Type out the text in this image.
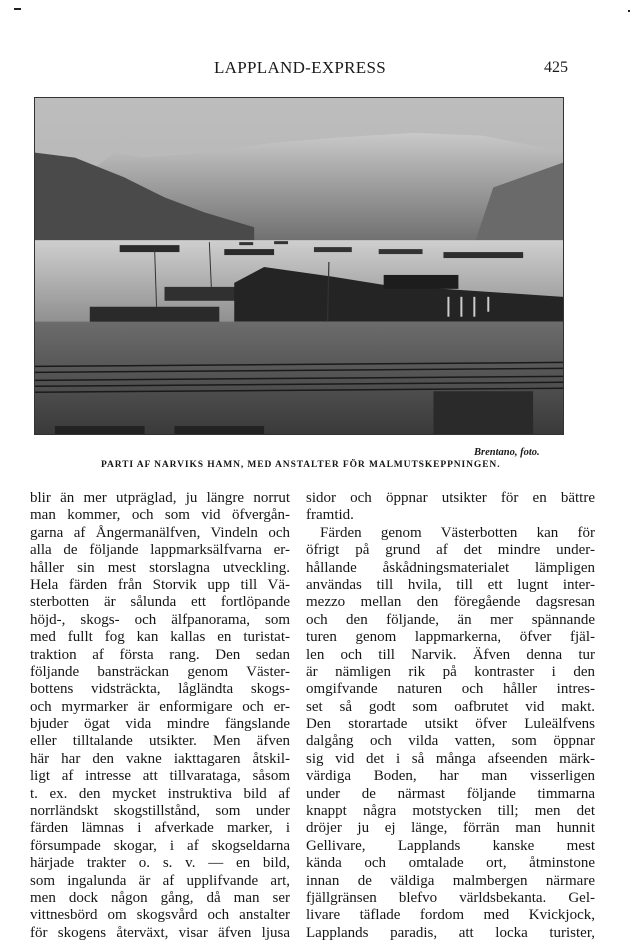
LAPPLAND-EXPRESS	425
Brentano, foto.
PARTI AF NARVIKS HAMN, MED ANSTALTER FÖR MALMUTSKEPPNINGEN.
blir än mer utpräglad, ju längre norrut
man kommer, och som vid öfvergån-
garna af Ångermanälfven, Vindeln och
alla de följande lappmarksälfvarna er-
håller sin mest storslagna utveckling.
Hela färden från Storvik upp till Vä-
sterbotten är sålunda ett fortlöpande
höjd-, skogs- och älfpanorama, som
med fullt fog kan kallas en turistat-
traktion af första rang. Den sedan
följande bansträckan genom Väster-
bottens vidsträckta, lågländta skogs-
och myrmarker är enformigare och er-
bjuder ögat vida mindre fängslande
eller tilltalande utsikter. Men äfven
här har den vakne iakttagaren åtskil-
ligt af intresse att tillvarataga, såsom
t. ex. den mycket instruktiva bild af
norrländskt skogstillstånd, som under
färden lämnas i afverkade marker, i
försumpade skogar, i af skogseldarna
härjade trakter o. s. v. — en bild,
som ingalunda är af upplifvande art,
men dock någon gång, då man ser
vittnesbörd om skogsvård och anstalter
för skogens återväxt, visar äfven ljusa
sidor och öppnar utsikter för en bättre
framtid.
Färden genom Västerbotten kan för
öfrigt på grund af det mindre under-
hållande åskådningsmaterialet lämpligen
användas till hvila, till ett lugnt inter-
mezzo mellan den föregående dagsresan
och den följande, än mer spännande
turen genom lappmarkerna, öfver fjäl-
len och till Narvik. Äfven denna tur
är nämligen rik på kontraster i den
omgifvande naturen och håller intres-
set så godt som oafbrutet vid makt.
Den storartade utsikt öfver Luleälfvens
dalgång och vilda vatten, som öppnar
sig vid det i så många afseenden märk-
värdiga Boden, har man visserligen
under de närmast följande timmarna
knappt några motstycken till; men det
dröjer ju ej länge, förrän man hunnit
Gellivare, Lapplands kanske mest
kända och omtalade ort, åtminstone
innan de väldiga malmbergen närmare
fjällgränsen blefvo världsbekanta. Gel-
livare täflade fordom med Kvickjock,
Lapplands paradis, att locka turister,
